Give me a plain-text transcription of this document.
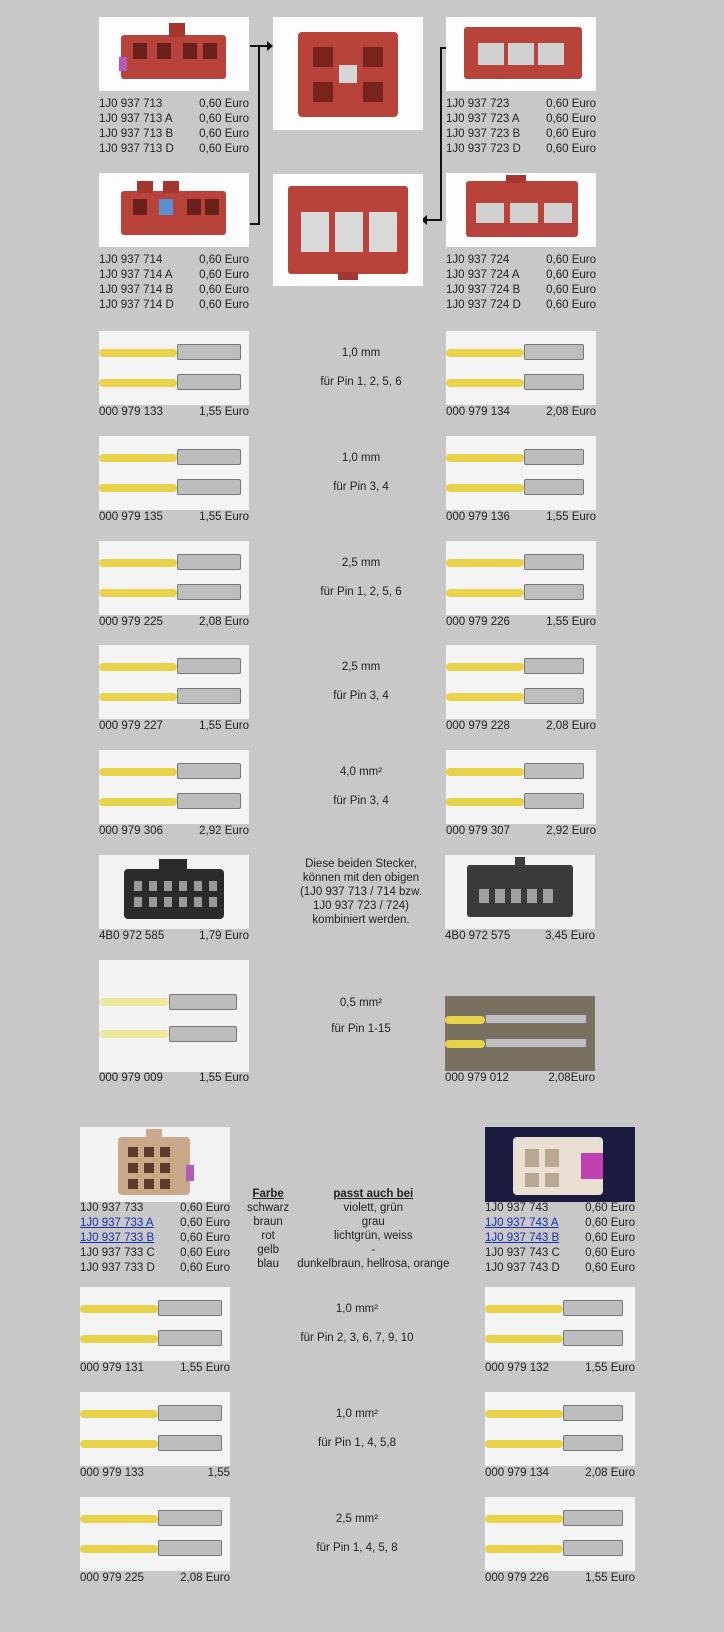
1J0 937 713	0,60 Euro
1J0 937 713 A 0,60 Euro
1J0 937 713 B 0,60 Euro
1J0 937 713 D 0,60 Euro
1J0 937 714	0,60 Euro
1J0 937 714 A 0,60 Euro
1J0 937 714 B 0,60 Euro
1J0 937 714 D 0,60 Euro
1J0 937 723	0,60 Euro
1J0 937 723 A 0,60 Euro
1J0 937 723 B 0,60 Euro
1J0 937 723 D 0,60 Euro
1J0 937 724	0,60 Euro
1J0 937 724 A 0,60 Euro
1J0 937 724 B 0,60 Euro
1J0 937 724 D 0,60 Euro
000 979 133	1,55 Euro	000 979 134	2,08 Euro
1,0 mm
für Pin 1, 2, 5, 6
000 979 135	1,55 Euro	000 979 136	1,55 Euro
1,0 mm
für Pin 3, 4
000 979 225	2,08 Euro	000 979 226	1,55 Euro
2,5 mm
für Pin 1, 2, 5, 6
000 979 227	1,55 Euro	000 979 228	2,08 Euro
2,5 mm
für Pin 3, 4
000 979 306	2,92 Euro	000 979 307	2,92 Euro
4,0 mm²
für Pin 3, 4
4B0 972 585	1,79 Euro
Diese beiden Stecker,
können mit den obigen
(1J0 937 713 / 714 bzw.
1J0 937 723 / 724)
kombiniert werden.
4B0 972 575	3,45 Euro
000 979 009	1,55 Euro
0,5 mm²
für Pin 1-15
000 979 012	2,08Euro
1J0 937 733	0,60 Euro
1J0 937 733 A 0,60 Euro
1J0 937 733 B 0,60 Euro
1J0 937 733 C 0,60 Euro
1J0 937 733 D 0,60 Euro
Farbe	passt auch bei
schwarz	violett, grün
braun	grau
rot	lichtgrün, weiss
gelb	-
blau	dunkelbraun, hellrosa, orange
1J0 937 743	0,60 Euro
1J0 937 743 A 0,60 Euro
1J0 937 743 B 0,60 Euro
1J0 937 743 C 0,60 Euro
1J0 937 743 D 0,60 Euro
000 979 131	1,55 Euro	000 979 132	1,55 Euro
1,0 mm²
für Pin 2, 3, 6, 7, 9, 10
000 979 133	1,55	000 979 134	2,08 Euro
1,0 mm²
für Pin 1, 4, 5,8
000 979 225	2,08 Euro	000 979 226	1,55 Euro
2,5 mm²
für Pin 1, 4, 5, 8
